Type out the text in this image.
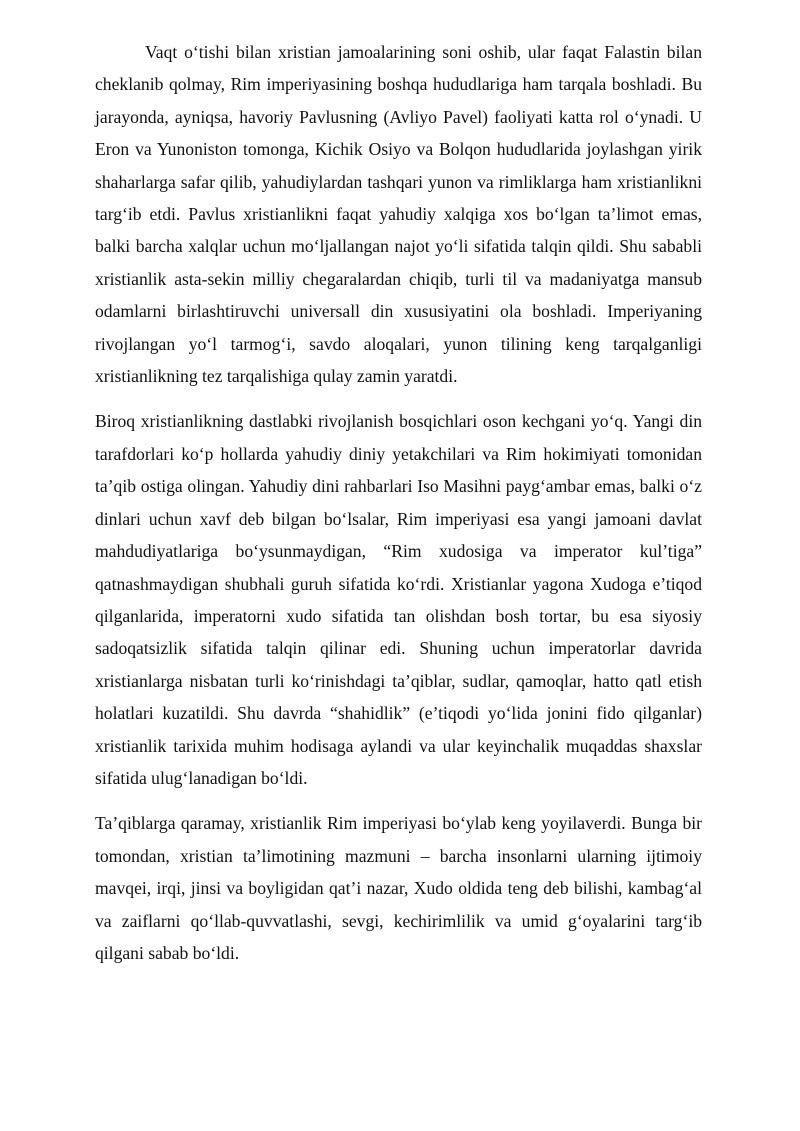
Vaqt o‘tishi bilan xristian jamoalarining soni oshib, ular faqat Falastin bilan cheklanib qolmay, Rim imperiyasining boshqa hududlariga ham tarqala boshladi. Bu jarayonda, ayniqsa, havoriy Pavlusning (Avliyo Pavel) faoliyati katta rol o‘ynadi. U Eron va Yunoniston tomonga, Kichik Osiyo va Bolqon hududlarida joylashgan yirik shaharlarga safar qilib, yahudiylardan tashqari yunon va rimliklarga ham xristianlikni targ‘ib etdi. Pavlus xristianlikni faqat yahudiy xalqiga xos bo‘lgan ta’limot emas, balki barcha xalqlar uchun mo‘ljallangan najot yo‘li sifatida talqin qildi. Shu sababli xristianlik asta-sekin milliy chegaralardan chiqib, turli til va madaniyatga mansub odamlarni birlashtiruvchi universall din xususiyatini ola boshladi. Imperiyaning rivojlangan yo‘l tarmog‘i, savdo aloqalari, yunon tilining keng tarqalganligi xristianlikning tez tarqalishiga qulay zamin yaratdi.

Biroq xristianlikning dastlabki rivojlanish bosqichlari oson kechgani yo‘q. Yangi din tarafdorlari ko‘p hollarda yahudiy diniy yetakchilari va Rim hokimiyati tomonidan ta’qib ostiga olingan. Yahudiy dini rahbarlari Iso Masihni payg‘ambar emas, balki o‘z dinlari uchun xavf deb bilgan bo‘lsalar, Rim imperiyasi esa yangi jamoani davlat mahdudiyatlariga bo‘ysunmaydigan, “Rim xudosiga va imperator kul’tiga” qatnashmaydigan shubhali guruh sifatida ko‘rdi. Xristianlar yagona Xudoga e’tiqod qilganlarida, imperatorni xudo sifatida tan olishdan bosh tortar, bu esa siyosiy sadoqatsizlik sifatida talqin qilinar edi. Shuning uchun imperatorlar davrida xristianlarga nisbatan turli ko‘rinishdagi ta’qiblar, sudlar, qamoqlar, hatto qatl etish holatlari kuzatildi. Shu davrda “shahidlik” (e’tiqodi yo‘lida jonini fido qilganlar) xristianlik tarixida muhim hodisaga aylandi va ular keyinchalik muqaddas shaxslar sifatida ulug‘lanadigan bo‘ldi.

Ta’qiblarga qaramay, xristianlik Rim imperiyasi bo‘ylab keng yoyilaverdi. Bunga bir tomondan, xristian ta’limotining mazmuni – barcha insonlarni ularning ijtimoiy mavqei, irqi, jinsi va boyligidan qat’i nazar, Xudo oldida teng deb bilishi, kambag‘al va zaiflarni qo‘llab-quvvatlashi, sevgi, kechirimlilik va umid g‘oyalarini targ‘ib qilgani sabab bo‘ldi.
